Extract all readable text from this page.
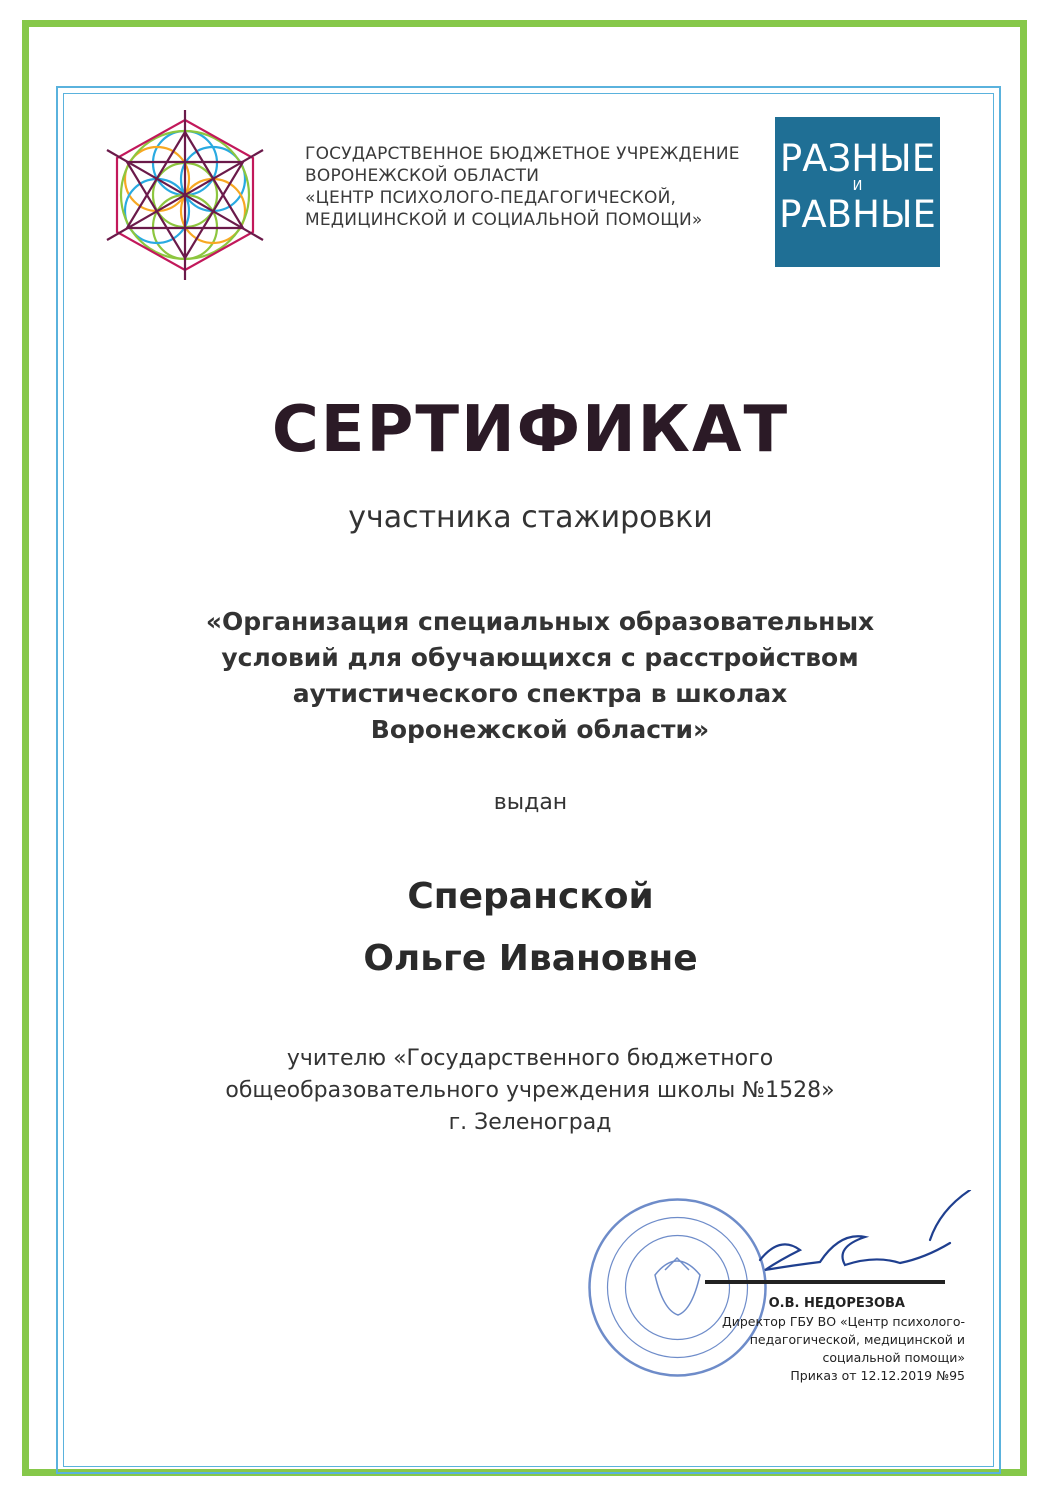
ГОСУДАРСТВЕННОЕ БЮДЖЕТНОЕ УЧРЕЖДЕНИЕ
ВОРОНЕЖСКОЙ ОБЛАСТИ
«ЦЕНТР ПСИХОЛОГО-ПЕДАГОГИЧЕСКОЙ,
МЕДИЦИНСКОЙ И СОЦИАЛЬНОЙ ПОМОЩИ»
РАЗНЫЕ
И
РАВНЫЕ
СЕРТИФИКАТ
участника стажировки
«Организация специальных образовательных
условий для обучающихся с расстройством
аутистического спектра в школах
Воронежской области»
выдан
Сперанской
Ольге Ивановне
учителю «Государственного бюджетного
общеобразовательного учреждения школы №1528»
г. Зеленоград
О.В. НЕДОРЕЗОВА
Директор ГБУ ВО «Центр психолого-
педагогической, медицинской и
социальной помощи»
Приказ от 12.12.2019 №95
